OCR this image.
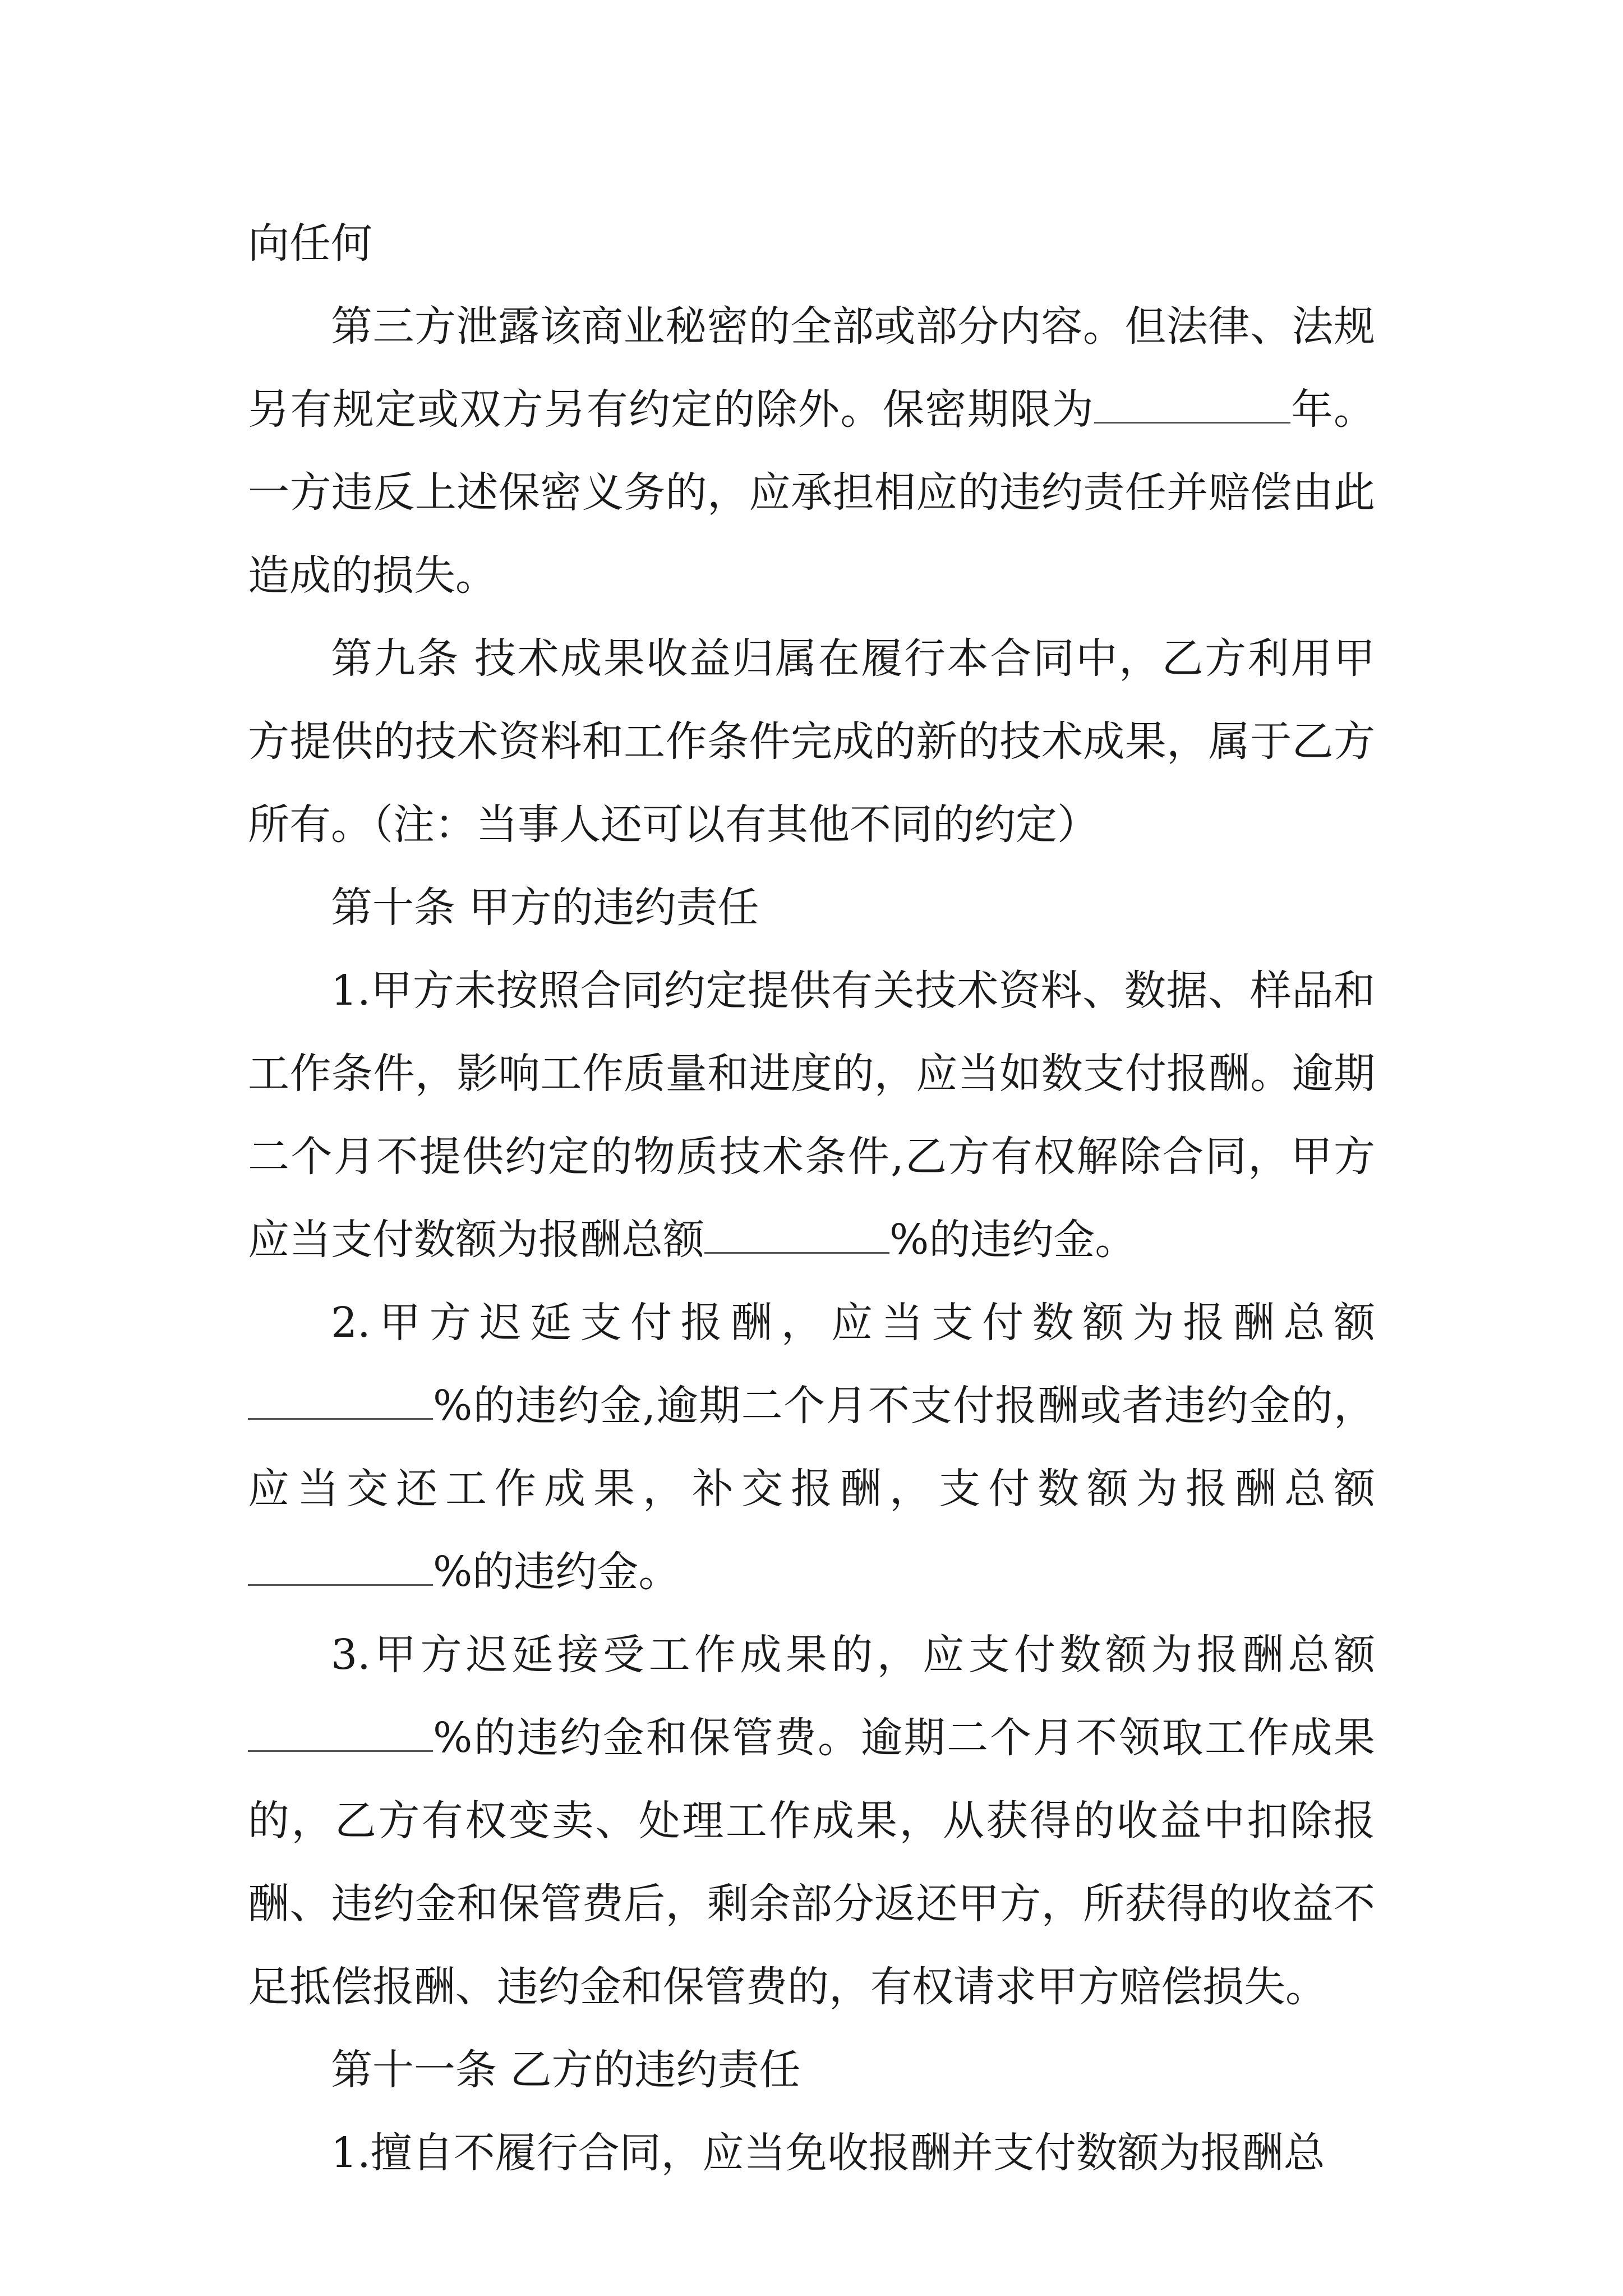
向任何

第三方泄露该商业秘密的全部或部分内容。但法律、法规另有规定或双方另有约定的除外。保密期限为	年。一方违反上述保密义务的，应承担相应的违约责任并赔偿由此造成的损失。

第九条 技术成果收益归属在履行本合同中，乙方利用甲方提供的技术资料和工作条件完成的新的技术成果，属于乙方所有。（注：当事人还可以有其他不同的约定）

第十条 甲方的违约责任

1.甲方未按照合同约定提供有关技术资料、数据、样品和工作条件，影响工作质量和进度的，应当如数支付报酬。逾期二个月不提供约定的物质技术条件,乙方有权解除合同，甲方应当支付数额为报酬总额	%的违约金。

2.甲方迟延支付报酬，应当支付数额为报酬总额%的违约金,逾期二个月不支付报酬或者违约金的，应当交还工作成果，补交报酬，支付数额为报酬总额%的违约金。

3.甲方迟延接受工作成果的，应支付数额为报酬总额%的违约金和保管费。逾期二个月不领取工作成果的，乙方有权变卖、处理工作成果，从获得的收益中扣除报酬、违约金和保管费后，剩余部分返还甲方，所获得的收益不足抵偿报酬、违约金和保管费的，有权请求甲方赔偿损失。

第十一条 乙方的违约责任

1.擅自不履行合同，应当免收报酬并支付数额为报酬总
